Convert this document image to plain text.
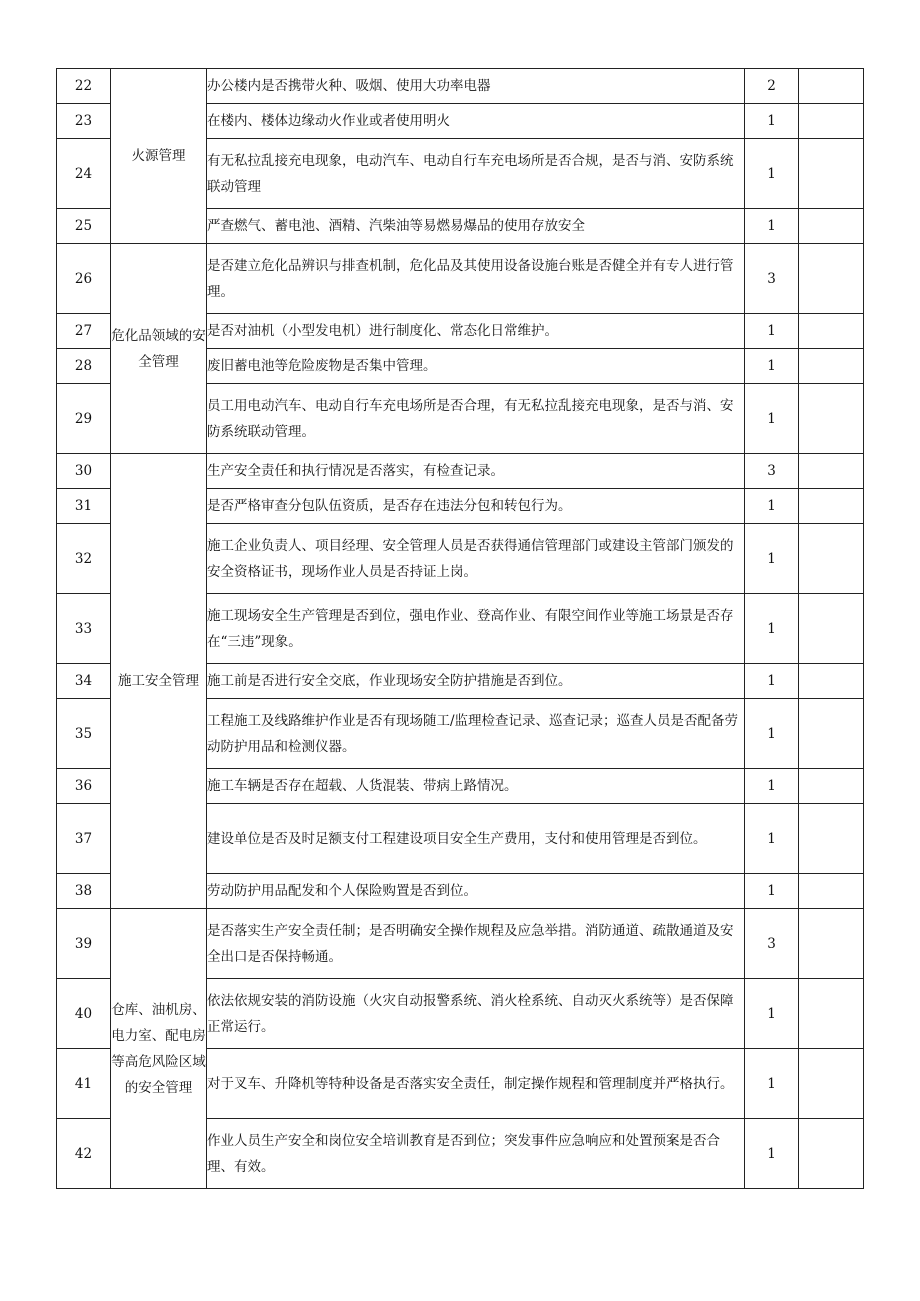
22	火源管理	办公楼内是否携带火种、吸烟、使用大功率电器	2	
23		在楼内、楼体边缘动火作业或者使用明火	1	
24		有无私拉乱接充电现象，电动汽车、电动自行车充电场所是否合规，是否与消、安防系统联动管理	1	
25		严查燃气、蓄电池、酒精、汽柴油等易燃易爆品的使用存放安全	1	
26	危化品领域的安全管理	是否建立危化品辨识与排查机制，危化品及其使用设备设施台账是否健全并有专人进行管理。	3	
27		是否对油机（小型发电机）进行制度化、常态化日常维护。	1	
28		废旧蓄电池等危险废物是否集中管理。	1	
29		员工用电动汽车、电动自行车充电场所是否合理，有无私拉乱接充电现象，是否与消、安防系统联动管理。	1	
30	施工安全管理	生产安全责任和执行情况是否落实，有检查记录。	3	
31		是否严格审查分包队伍资质，是否存在违法分包和转包行为。	1	
32		施工企业负责人、项目经理、安全管理人员是否获得通信管理部门或建设主管部门颁发的安全资格证书，现场作业人员是否持证上岗。	1	
33		施工现场安全生产管理是否到位，强电作业、登高作业、有限空间作业等施工场景是否存在“三违”现象。	1	
34		施工前是否进行安全交底，作业现场安全防护措施是否到位。	1	
35		工程施工及线路维护作业是否有现场随工/监理检查记录、巡查记录；巡查人员是否配备劳动防护用品和检测仪器。	1	
36		施工车辆是否存在超载、人货混装、带病上路情况。	1	
37		建设单位是否及时足额支付工程建设项目安全生产费用，支付和使用管理是否到位。	1	
38		劳动防护用品配发和个人保险购置是否到位。	1	
39	仓库、油机房、电力室、配电房等高危风险区域的安全管理	是否落实生产安全责任制；是否明确安全操作规程及应急举措。消防通道、疏散通道及安全出口是否保持畅通。	3	
40		依法依规安装的消防设施（火灾自动报警系统、消火栓系统、自动灭火系统等）是否保障正常运行。	1	
41		对于叉车、升降机等特种设备是否落实安全责任，制定操作规程和管理制度并严格执行。	1	
42		作业人员生产安全和岗位安全培训教育是否到位；突发事件应急响应和处置预案是否合理、有效。	1	
